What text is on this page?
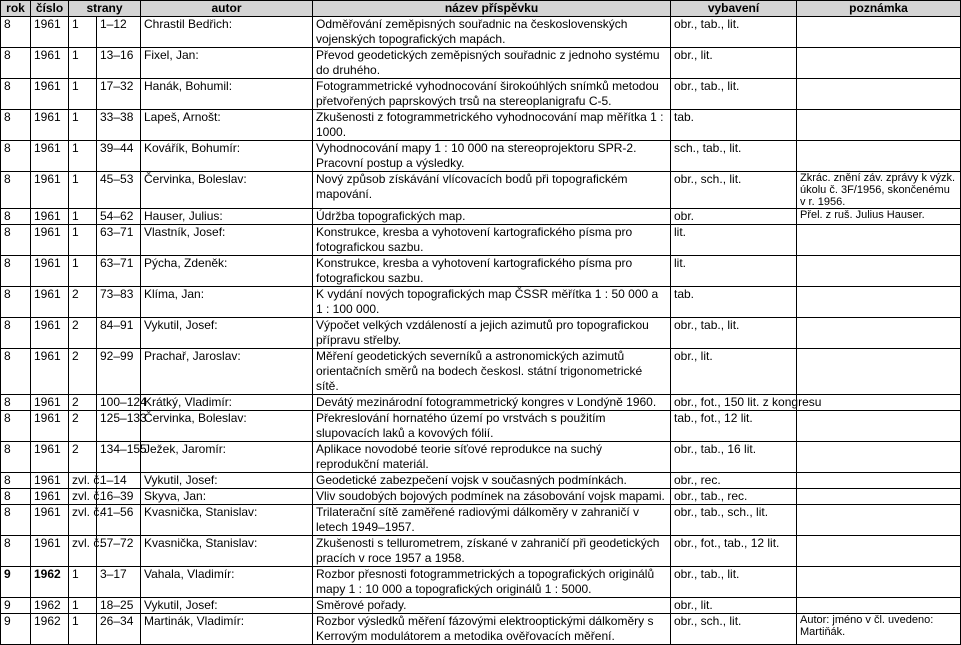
rok	číslo	strany		autor	název příspěvku	vybavení	poznámka
8	1961	1	1–12	Chrastil Bedřich:	Odměřování zeměpisných souřadnic na československých vojenských topografických mapách.	obr., tab., lit.	
8	1961	1	13–16	Fixel, Jan:	Převod geodetických zeměpisných souřadnic z jednoho systému do druhého.	obr., lit.	
8	1961	1	17–32	Hanák, Bohumil:	Fotogrammetrické vyhodnocování širokoúhlých snímků metodou přetvořených paprskových trsů na stereoplanigrafu C-5.	obr., tab., lit.	
8	1961	1	33–38	Lapeš, Arnošt:	Zkušenosti z fotogrammetrického vyhodnocování map měřítka 1 : 1000.	tab.	
8	1961	1	39–44	Kovářík, Bohumír:	Vyhodnocování mapy 1 : 10 000 na stereoprojektoru SPR-2. Pracovní postup a výsledky.	sch., tab., lit.	
8	1961	1	45–53	Červinka, Boleslav:	Nový způsob získávání vlícovacích bodů při topografickém mapování.	obr., sch., lit.	Zkrác. znění záv. zprávy k výzk. úkolu č. 3F/1956, skončenému v r. 1956.
8	1961	1	54–62	Hauser, Julius:	Údržba topografických map.	obr.	Přel. z ruš. Julius Hauser.
8	1961	1	63–71	Vlastník, Josef:	Konstrukce, kresba a vyhotovení kartografického písma pro fotografickou sazbu.	lit.	
8	1961	1	63–71	Pýcha, Zdeněk:	Konstrukce, kresba a vyhotovení kartografického písma pro fotografickou sazbu.	lit.	
8	1961	2	73–83	Klíma, Jan:	K vydání nových topografických map ČSSR měřítka 1 : 50 000 a 1 : 100 000.	tab.	
8	1961	2	84–91	Vykutil, Josef:	Výpočet velkých vzdáleností a jejich azimutů pro topografickou přípravu střelby.	obr., tab., lit.	
8	1961	2	92–99	Prachař, Jaroslav:	Měření geodetických severníků a astronomických azimutů orientačních směrů na bodech českosl. státní trigonometrické sítě.	obr., lit.	
8	1961	2	100–124	Krátký, Vladimír:	Devátý mezinárodní fotogrammetrický kongres v Londýně 1960.	obr., fot., 150 lit. z kongresu	
8	1961	2	125–133	Červinka, Boleslav:	Překreslování hornatého území po vrstvách s použitím slupovacích laků a kovových fólií.	tab., fot., 12 lit.	
8	1961	2	134–155	Ježek, Jaromír:	Aplikace novodobé teorie síťové reprodukce na suchý reprodukční materiál.	obr., tab., 16 lit.	
8	1961	zvl. č.	1–14	Vykutil, Josef:	Geodetické zabezpečení vojsk v současných podmínkách.	obr., rec.	
8	1961	zvl. č.	16–39	Skyva, Jan:	Vliv soudobých bojových podmínek na zásobování vojsk mapami.	obr., tab., rec.	
8	1961	zvl. č.	41–56	Kvasnička, Stanislav:	Trilaterační sítě zaměřené radiovými dálkoměry v zahraničí v letech 1949–1957.	obr., tab., sch., lit.	
8	1961	zvl. č.	57–72	Kvasnička, Stanislav:	Zkušenosti s tellurometrem, získané v zahraničí při geodetických pracích v roce 1957 a 1958.	obr., fot., tab., 12 lit.	
9	1962	1	3–17	Vahala, Vladimír:	Rozbor přesnosti fotogrammetrických a topografických originálů mapy 1 : 10 000 a topografických originálů 1 : 5000.	obr., tab., lit.	
9	1962	1	18–25	Vykutil, Josef:	Směrové pořady.	obr., lit.	
9	1962	1	26–34	Martinák, Vladimír:	Rozbor výsledků měření fázovými elektrooptickými dálkoměry s Kerrovým modulátorem a metodika ověřovacích měření.	obr., sch., lit.	Autor: jméno v čl. uvedeno: Martiňák.
